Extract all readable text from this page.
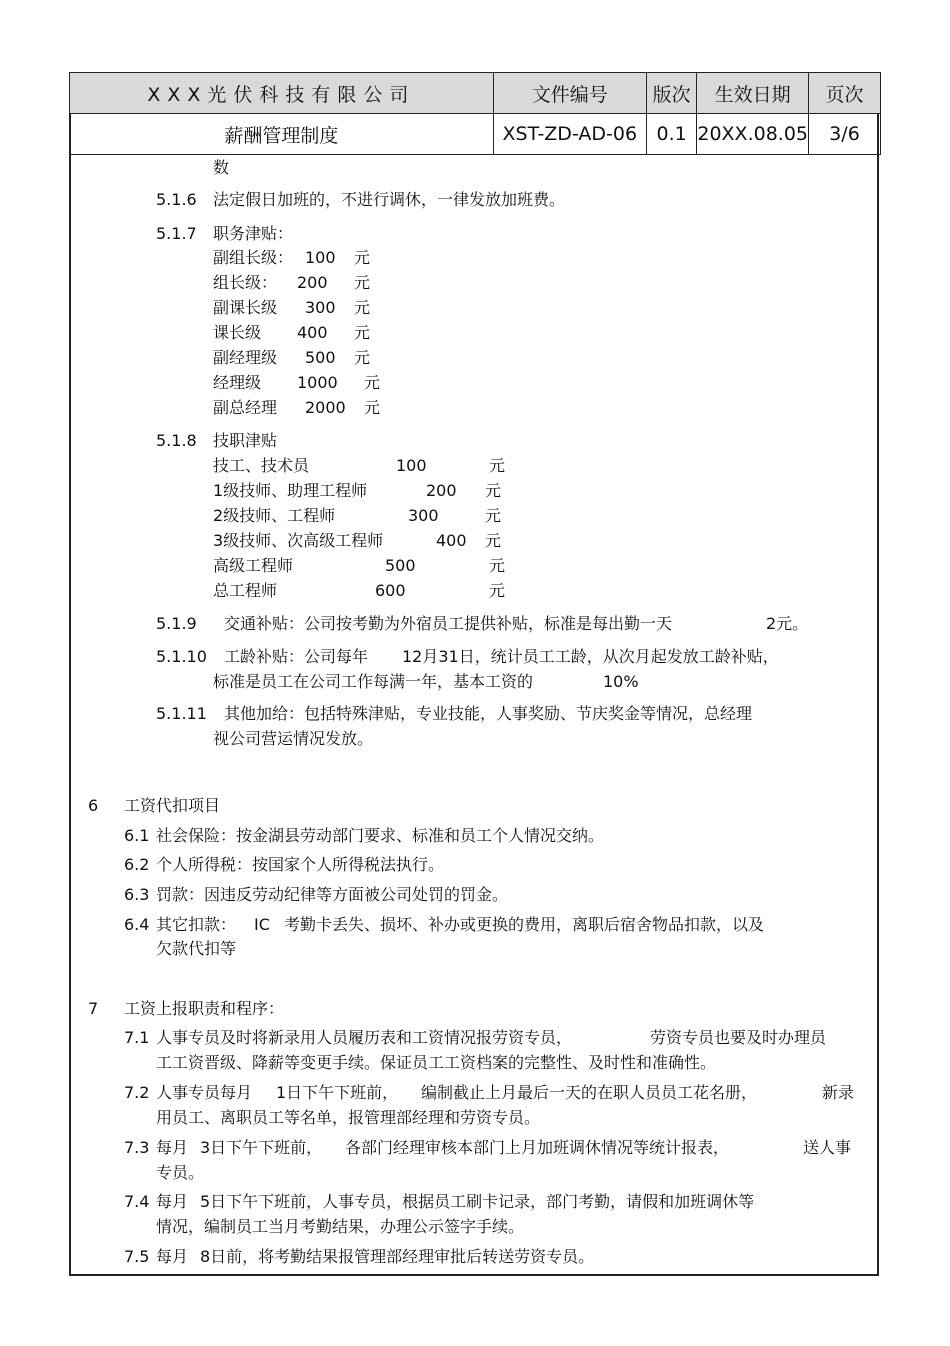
XXX光伏科技有限公司	文件编号	版次	生效日期	页次
薪酬管理制度	XST-ZD-AD-06	0.1	20XX.08.05	3/6
数
5.1.6 法定假日加班的，不进行调休，一律发放加班费。
5.1.7 职务津贴：
副组长级： 100 元
组长级： 200 元
副课长级 300 元
课长级 400 元
副经理级 500 元
经理级 1000 元
副总经理 2000 元
5.1.8 技职津贴
技工、技术员	100	元
1级技师、助理工程师	200 元
2级技师、工程师	300	元
3级技师、次高级工程师	400 元
高级工程师	500	元
总工程师	600	元
5.1.9 交通补贴：公司按考勤为外宿员工提供补贴，标准是每出勤一天	2元。
5.1.10 工龄补贴：公司每年 12月31日，统计员工工龄，从次月起发放工龄补贴，
标准是员工在公司工作每满一年，基本工资的	10%
5.1.11 其他加给：包括特殊津贴，专业技能，人事奖励、节庆奖金等情况，总经理
视公司营运情况发放。
6 工资代扣项目
6.1 社会保险：按金湖县劳动部门要求、标准和员工个人情况交纳。
6.2 个人所得税：按国家个人所得税法执行。
6.3 罚款：因违反劳动纪律等方面被公司处罚的罚金。
6.4 其它扣款： IC 考勤卡丢失、损坏、补办或更换的费用，离职后宿舍物品扣款，以及
欠款代扣等
7 工资上报职责和程序：
7.1 人事专员及时将新录用人员履历表和工资情况报劳资专员，	劳资专员也要及时办理员
工工资晋级、降薪等变更手续。保证员工工资档案的完整性、及时性和准确性。
7.2 人事专员每月 1日下午下班前， 编制截止上月最后一天的在职人员员工花名册，	新录
用员工、离职员工等名单，报管理部经理和劳资专员。
7.3 每月 3日下午下班前， 各部门经理审核本部门上月加班调休情况等统计报表，	送人事
专员。
7.4 每月 5日下午下班前，人事专员，根据员工刷卡记录，部门考勤，请假和加班调休等
情况，编制员工当月考勤结果，办理公示签字手续。
7.5 每月 8日前，将考勤结果报管理部经理审批后转送劳资专员。
